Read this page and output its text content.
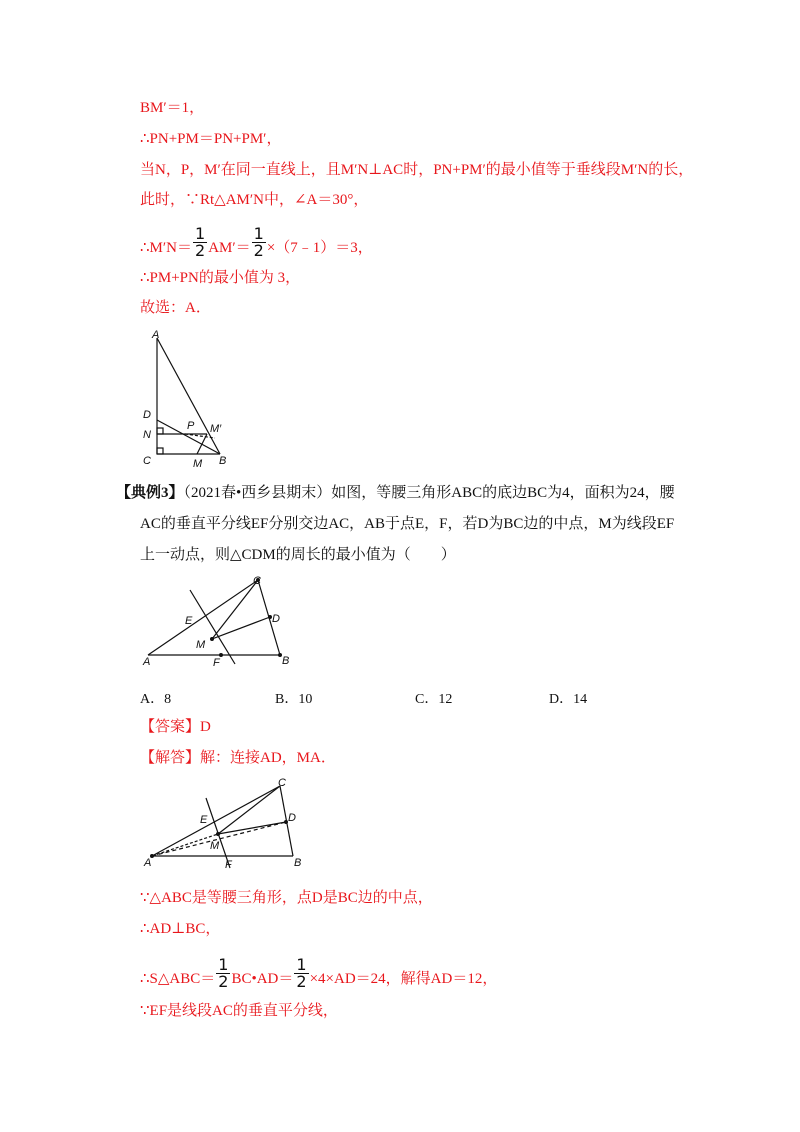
BM′＝1，
∴PN+PM＝PN+PM′，
当N，P，M′在同一直线上，且M′N⊥AC时，PN+PM′的最小值等于垂线段M′N的长，
此时，∵Rt△AM′N中，∠A＝30°，
∴M′N＝ $\frac{1}{2} AM'= \frac{1}{2}$ ×（7﹣1）＝3，
∴PM+PN的最小值为 3，
故选：A．
A
D
N
C
P M′
M B
【典例3】（2021春•西乡县期末）如图，等腰三角形ABC的底边BC为4，面积为24，腰
AC的垂直平分线EF分别交边AC，AB于点E，F，若D为BC边的中点，M为线段EF
上一动点，则△CDM的周长的最小值为（　　）
C
E	D
M
A	F	B
A．8	B．10	C．12	D．14
【答案】D
【解答】解：连接AD，MA．
C
E	D
M
A	F	B
∵△ABC是等腰三角形，点D是BC边的中点，
∴AD⊥BC，
∴S△ABC＝ $\frac{1}{2}$ BC•AD＝ $\frac{1}{2} \times 4\times AD=24$，解得AD＝12，
∵EF是线段AC的垂直平分线，
